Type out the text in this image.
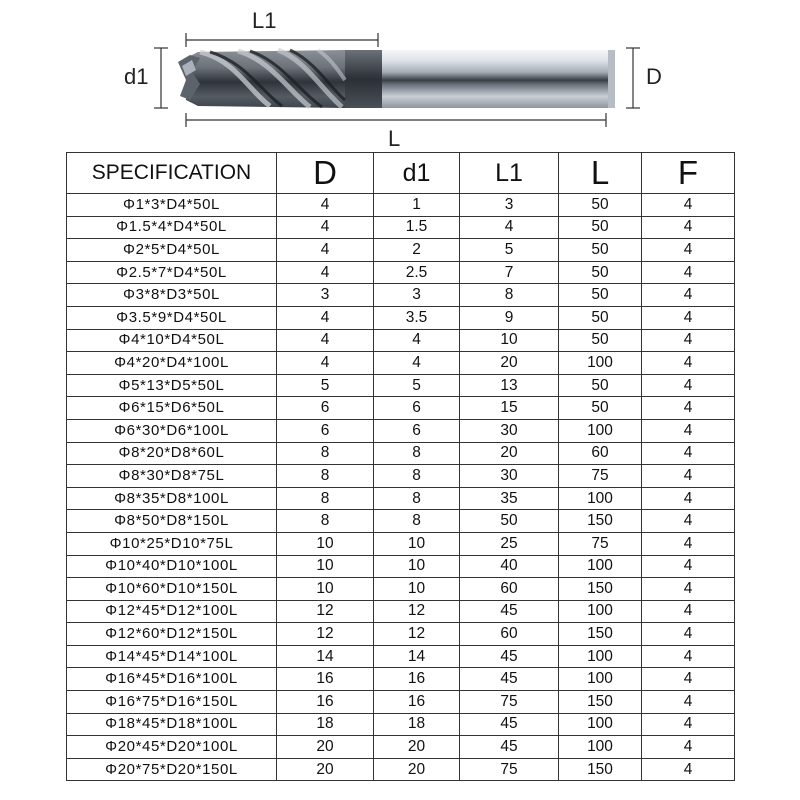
L1
d1	D
L
SPECIFICATION	D	d1	L1	L	F
Φ1*3*D4*50L	4	1	3	50	4
Φ1.5*4*D4*50L	4	1.5	4	50	4
Φ2*5*D4*50L	4	2	5	50	4
Φ2.5*7*D4*50L	4	2.5	7	50	4
Φ3*8*D3*50L	3	3	8	50	4
Φ3.5*9*D4*50L	4	3.5	9	50	4
Φ4*10*D4*50L	4	4	10	50	4
Φ4*20*D4*100L	4	4	20	100	4
Φ5*13*D5*50L	5	5	13	50	4
Φ6*15*D6*50L	6	6	15	50	4
Φ6*30*D6*100L	6	6	30	100	4
Φ8*20*D8*60L	8	8	20	60	4
Φ8*30*D8*75L	8	8	30	75	4
Φ8*35*D8*100L	8	8	35	100	4
Φ8*50*D8*150L	8	8	50	150	4
Φ10*25*D10*75L	10	10	25	75	4
Φ10*40*D10*100L	10	10	40	100	4
Φ10*60*D10*150L	10	10	60	150	4
Φ12*45*D12*100L	12	12	45	100	4
Φ12*60*D12*150L	12	12	60	150	4
Φ14*45*D14*100L	14	14	45	100	4
Φ16*45*D16*100L	16	16	45	100	4
Φ16*75*D16*150L	16	16	75	150	4
Φ18*45*D18*100L	18	18	45	100	4
Φ20*45*D20*100L	20	20	45	100	4
Φ20*75*D20*150L	20	20	75	150	4
